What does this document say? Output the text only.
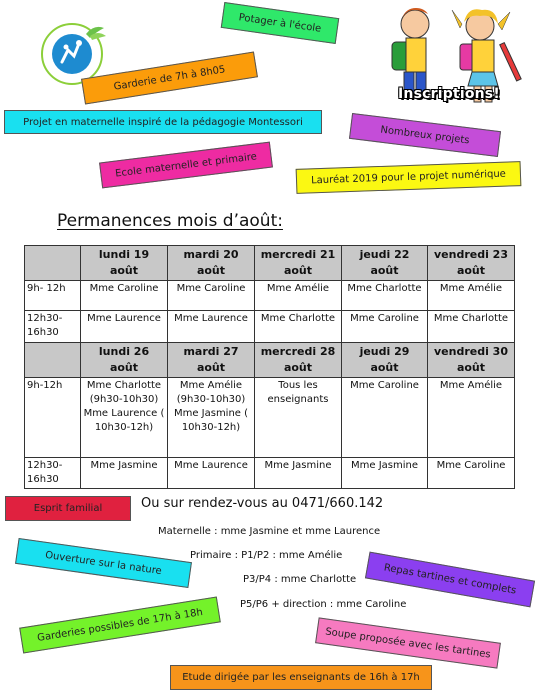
Potager à l'école
Garderie de 7h à 8h05
Projet en maternelle inspiré de la pédagogie Montessori
Nombreux projets
Ecole maternelle et primaire	Lauréat 2019 pour le projet numérique
Inscriptions!
Permanences mois d’août:
	lundi 19 août	mardi 20 août	mercredi 21 août	jeudi 22 août	vendredi 23 août
9h- 12h	Mme Caroline	Mme Caroline	Mme Amélie	Mme Charlotte	Mme Amélie
12h30-16h30	Mme Laurence	Mme Laurence	Mme Charlotte	Mme Caroline	Mme Charlotte
	lundi 26 août	mardi 27 août	mercredi 28 août	jeudi 29 août	vendredi 30 août
9h-12h	Mme Charlotte (9h30-10h30) Mme Laurence ( 10h30-12h)	Mme Amélie (9h30-10h30) Mme Jasmine ( 10h30-12h)	Tous les enseignants	Mme Caroline	Mme Amélie
12h30-16h30	Mme Jasmine	Mme Laurence	Mme Jasmine	Mme Jasmine	Mme Caroline
Esprit familial	Ou sur rendez-vous au 0471/660.142
Maternelle : mme Jasmine et mme Laurence
Primaire : P1/P2 : mme Amélie
P3/P4 : mme Charlotte
P5/P6 + direction : mme Caroline
Ouverture sur la nature	Repas tartines et complets
Garderies possibles de 17h à 18h	Soupe proposée avec les tartines
Etude dirigée par les enseignants de 16h à 17h
